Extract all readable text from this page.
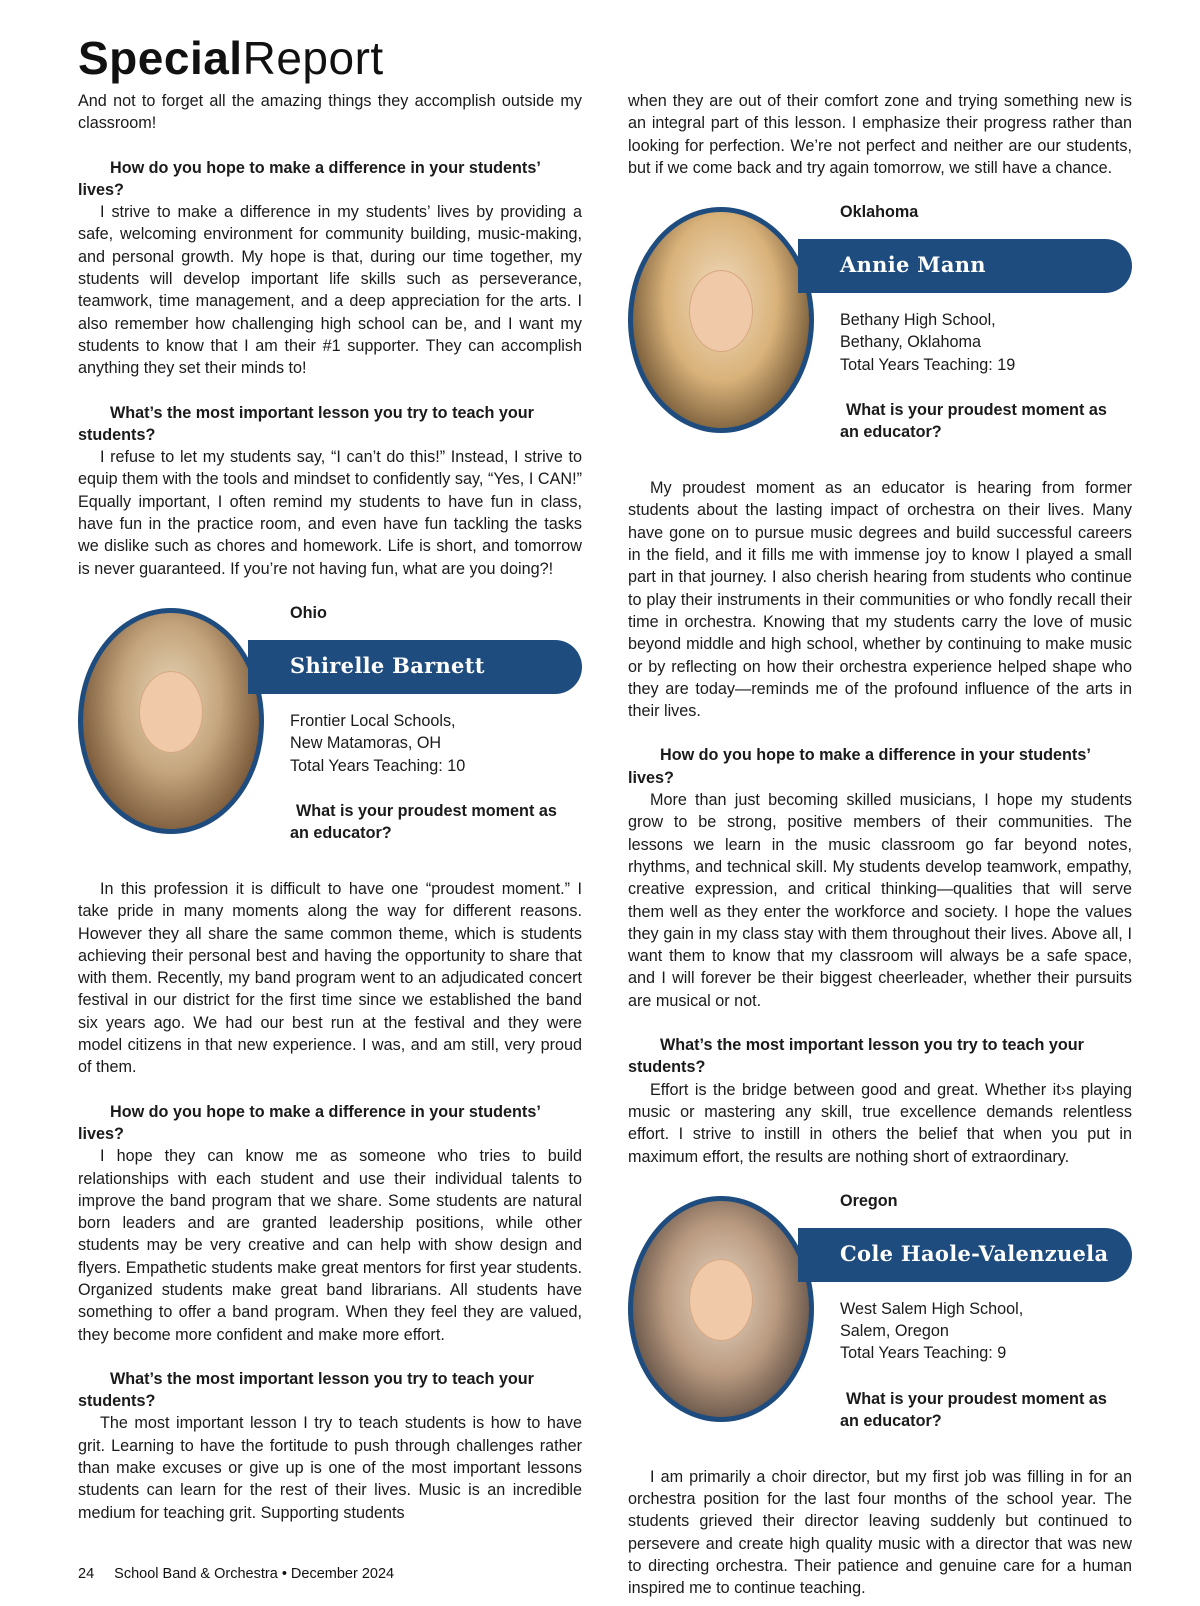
SpecialReport

And not to forget all the amazing things they accomplish outside my classroom!

How do you hope to make a difference in your students’ lives?

I strive to make a difference in my students’ lives by providing a safe, welcoming environment for community building, music-making, and personal growth. My hope is that, during our time together, my students will develop important life skills such as perseverance, teamwork, time management, and a deep appreciation for the arts. I also remember how challenging high school can be, and I want my students to know that I am their #1 supporter. They can accomplish anything they set their minds to!

What’s the most important lesson you try to teach your students?

I refuse to let my students say, “I can’t do this!” Instead, I strive to equip them with the tools and mindset to confidently say, “Yes, I CAN!” Equally important, I often remind my students to have fun in class, have fun in the practice room, and even have fun tackling the tasks we dislike such as chores and homework. Life is short, and tomorrow is never guaranteed. If you’re not having fun, what are you doing?!

Ohio
Shirelle Barnett
Frontier Local Schools,
New Matamoras, OH
Total Years Teaching: 10
What is your proudest moment as an educator?

In this profession it is difficult to have one “proudest moment.” I take pride in many moments along the way for different reasons. However they all share the same common theme, which is students achieving their personal best and having the opportunity to share that with them. Recently, my band program went to an adjudicated concert festival in our district for the first time since we established the band six years ago. We had our best run at the festival and they were model citizens in that new experience. I was, and am still, very proud of them.

How do you hope to make a difference in your students’ lives?

I hope they can know me as someone who tries to build relationships with each student and use their individual talents to improve the band program that we share. Some students are natural born leaders and are granted leadership positions, while other students may be very creative and can help with show design and flyers. Empathetic students make great mentors for first year students. Organized students make great band librarians. All students have something to offer a band program. When they feel they are valued, they become more confident and make more effort.

What’s the most important lesson you try to teach your students?

The most important lesson I try to teach students is how to have grit. Learning to have the fortitude to push through challenges rather than make excuses or give up is one of the most important lessons students can learn for the rest of their lives. Music is an incredible medium for teaching grit. Supporting students

when they are out of their comfort zone and trying something new is an integral part of this lesson. I emphasize their progress rather than looking for perfection. We’re not perfect and neither are our students, but if we come back and try again tomorrow, we still have a chance.

Oklahoma
Annie Mann
Bethany High School,
Bethany, Oklahoma
Total Years Teaching: 19
What is your proudest moment as an educator?

My proudest moment as an educator is hearing from former students about the lasting impact of orchestra on their lives. Many have gone on to pursue music degrees and build successful careers in the field, and it fills me with immense joy to know I played a small part in that journey. I also cherish hearing from students who continue to play their instruments in their communities or who fondly recall their time in orchestra. Knowing that my students carry the love of music beyond middle and high school, whether by continuing to make music or by reflecting on how their orchestra experience helped shape who they are today—reminds me of the profound influence of the arts in their lives.

How do you hope to make a difference in your students’ lives?

More than just becoming skilled musicians, I hope my students grow to be strong, positive members of their communities. The lessons we learn in the music classroom go far beyond notes, rhythms, and technical skill. My students develop teamwork, empathy, creative expression, and critical thinking—qualities that will serve them well as they enter the workforce and society. I hope the values they gain in my class stay with them throughout their lives. Above all, I want them to know that my classroom will always be a safe space, and I will forever be their biggest cheerleader, whether their pursuits are musical or not.

What’s the most important lesson you try to teach your students?

Effort is the bridge between good and great. Whether it›s playing music or mastering any skill, true excellence demands relentless effort. I strive to instill in others the belief that when you put in maximum effort, the results are nothing short of extraordinary.

Oregon
Cole Haole-Valenzuela
West Salem High School,
Salem, Oregon
Total Years Teaching: 9
What is your proudest moment as an educator?

I am primarily a choir director, but my first job was filling in for an orchestra position for the last four months of the school year. The students grieved their director leaving suddenly but continued to persevere and create high quality music with a director that was new to directing orchestra. Their patience and genuine care for a human inspired me to continue teaching.

24 School Band & Orchestra • December 2024
